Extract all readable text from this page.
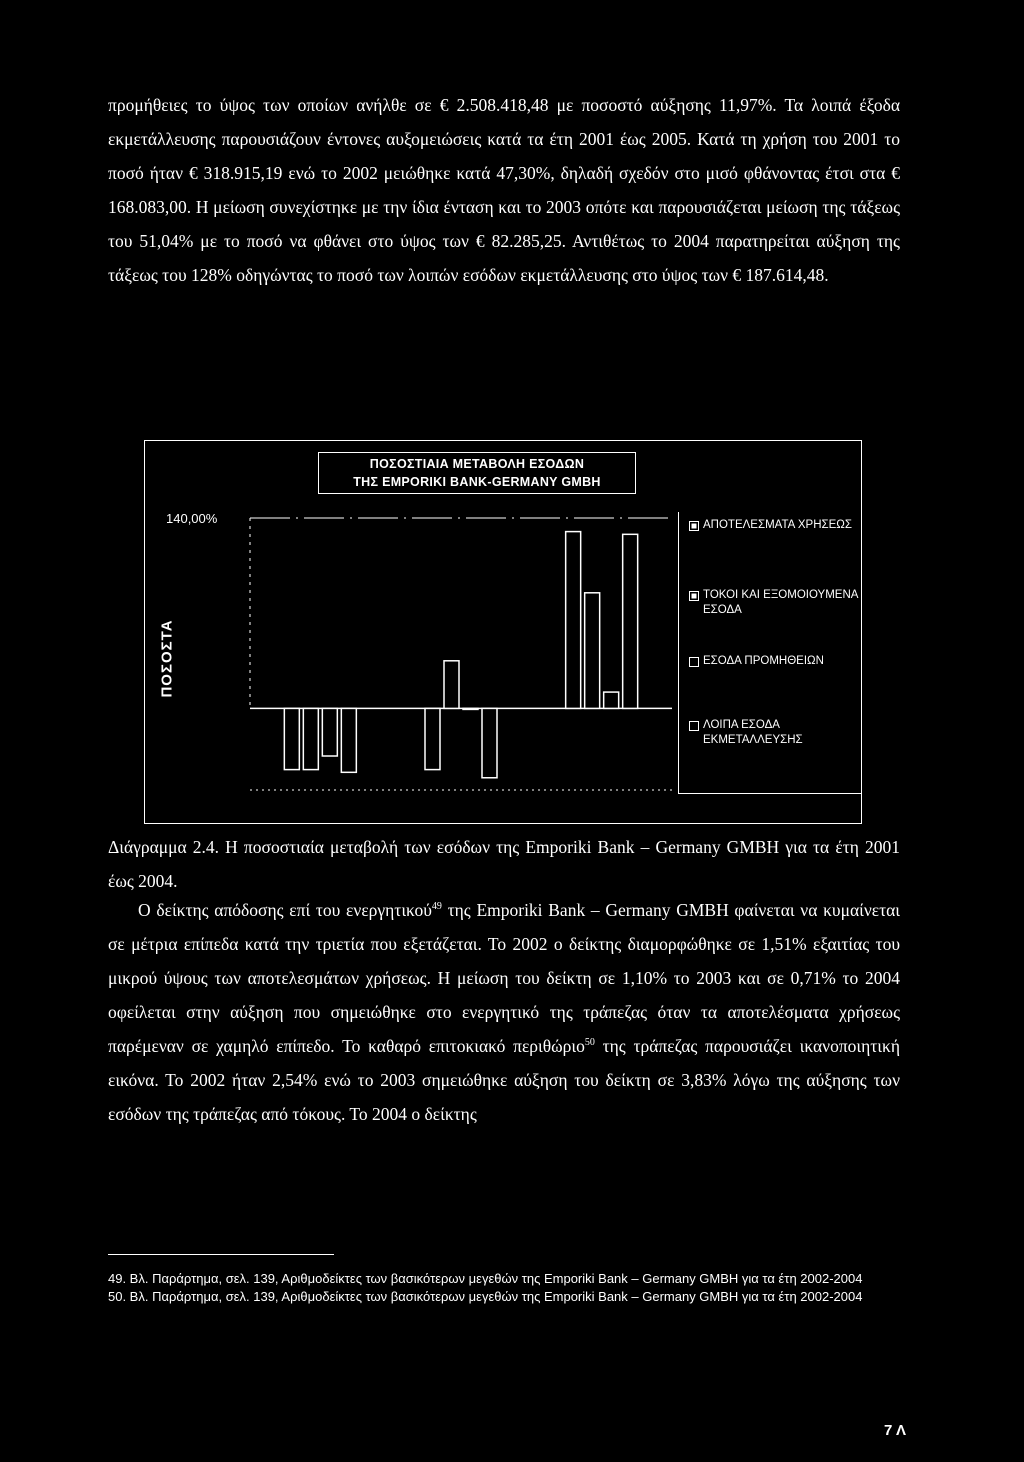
προμήθειες το ύψος των οποίων ανήλθε σε € 2.508.418,48 με ποσοστό αύξησης 11,97%. Τα λοιπά έξοδα εκμετάλλευσης παρουσιάζουν έντονες αυξομειώσεις κατά τα έτη 2001 έως 2005. Κατά τη χρήση του 2001 το ποσό ήταν € 318.915,19 ενώ το 2002 μειώθηκε κατά 47,30%, δηλαδή σχεδόν στο μισό φθάνοντας έτσι στα € 168.083,00. Η μείωση συνεχίστηκε με την ίδια ένταση και το 2003 οπότε και παρουσιάζεται μείωση της τάξεως του 51,04% με το ποσό να φθάνει στο ύψος των € 82.285,25. Αντιθέτως το 2004 παρατηρείται αύξηση της τάξεως του 128% οδηγώντας το ποσό των λοιπών εσόδων εκμετάλλευσης στο ύψος των € 187.614,48.

ΠΟΣΟΣΤΙΑΙΑ ΜΕΤΑΒΟΛΗ ΕΣΟΔΩΝ
ΤΗΣ EMPORIKI BANK-GERMANY GMBH
140,00%
ΠΟΣΟΣΤΑ
ΑΠΟΤΕΛΕΣΜΑΤΑ ΧΡΗΣΕΩΣ
ΤΟΚΟΙ ΚΑΙ ΕΞΟΜΟΙΟΥΜΕΝΑ ΕΣΟΔΑ
ΕΣΟΔΑ ΠΡΟΜΗΘΕΙΩΝ
ΛΟΙΠΑ ΕΣΟΔΑ ΕΚΜΕΤΑΛΛΕΥΣΗΣ

Διάγραμμα 2.4. Η ποσοστιαία μεταβολή των εσόδων της Emporiki Bank – Germany GMBH για τα έτη 2001 έως 2004.

Ο δείκτης απόδοσης επί του ενεργητικού$^{49}$ της Emporiki Bank – Germany GMBH φαίνεται να κυμαίνεται σε μέτρια επίπεδα κατά την τριετία που εξετάζεται. Το 2002 ο δείκτης διαμορφώθηκε σε 1,51% εξαιτίας του μικρού ύψους των αποτελεσμάτων χρήσεως. Η μείωση του δείκτη σε 1,10% το 2003 και σε 0,71% το 2004 οφείλεται στην αύξηση που σημειώθηκε στο ενεργητικό της τράπεζας όταν τα αποτελέσματα χρήσεως παρέμεναν σε χαμηλό επίπεδο. Το καθαρό επιτοκιακό περιθώριο$^{50}$ της τράπεζας παρουσιάζει ικανοποιητική εικόνα. Το 2002 ήταν 2,54% ενώ το 2003 σημειώθηκε αύξηση του δείκτη σε 3,83% λόγω της αύξησης των εσόδων της τράπεζας από τόκους. Το 2004 ο δείκτης

49. Βλ. Παράρτημα, σελ. 139, Αριθμοδείκτες των βασικότερων μεγεθών της Emporiki Bank – Germany GMBH για τα έτη 2002-2004

50. Βλ. Παράρτημα, σελ. 139, Αριθμοδείκτες των βασικότερων μεγεθών της Emporiki Bank – Germany GMBH για τα έτη 2002-2004

7 Λ
